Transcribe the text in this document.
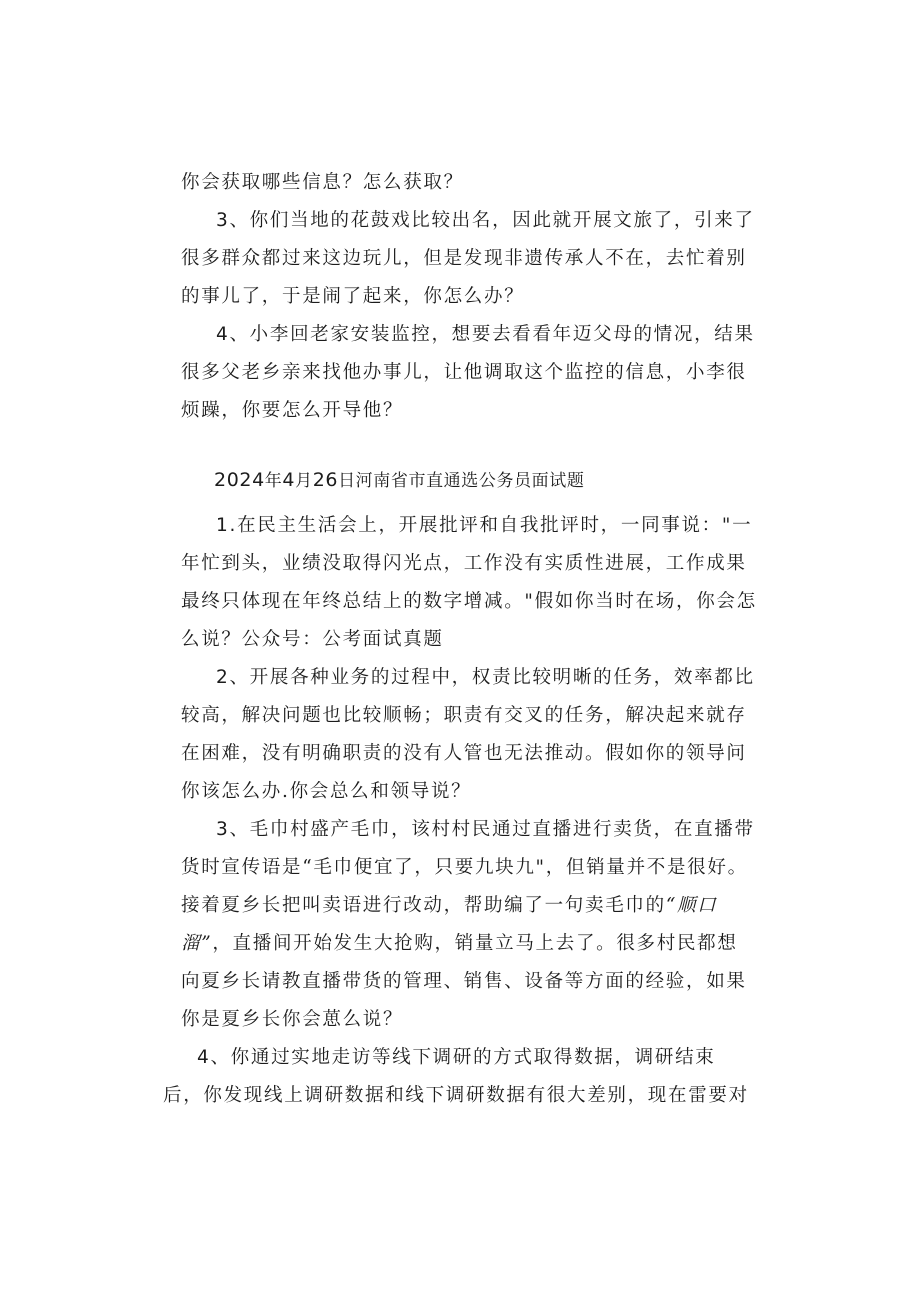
你会获取哪些信息？怎么获取？

3、你们当地的花鼓戏比较出名，因此就开展文旅了，引来了

很多群众都过来这边玩儿，但是发现非遗传承人不在，去忙着别

的事儿了，于是闹了起来，你怎么办？

4、小李回老家安装监控，想要去看看年迈父母的情况，结果

很多父老乡亲来找他办事儿，让他调取这个监控的信息，小李很

烦躁，你要怎么开导他？

2024年4月26日河南省市直通选公务员面试题

1.在民主生活会上，开展批评和自我批评时，一同事说："一

年忙到头，业绩没取得闪光点，工作没有实质性进展，工作成果

最终只体现在年终总结上的数字增减。"假如你当时在场，你会怎

么说？公众号：公考面试真题

2、开展各种业务的过程中，权责比较明晰的任务，效率都比

较高，解决问题也比较顺畅；职责有交叉的任务，解决起来就存

在困难，没有明确职责的没有人管也无法推动。假如你的领导问

你该怎么办.你会总么和领导说？

3、毛巾村盛产毛巾，该村村民通过直播进行卖货，在直播带

货时宣传语是“毛巾便宜了，只要九块九"，但销量并不是很好。

接着夏乡长把叫卖语进行改动，帮助编了一句卖毛巾的“顺口

溜”，直播间开始发生大抢购，销量立马上去了。很多村民都想

向夏乡长请教直播带货的管理、销售、设备等方面的经验，如果

你是夏乡长你会葸么说？

4、你通过实地走访等线下调研的方式取得数据，调研结束

后，你发现线上调研数据和线下调研数据有很大差别，现在雷要对
